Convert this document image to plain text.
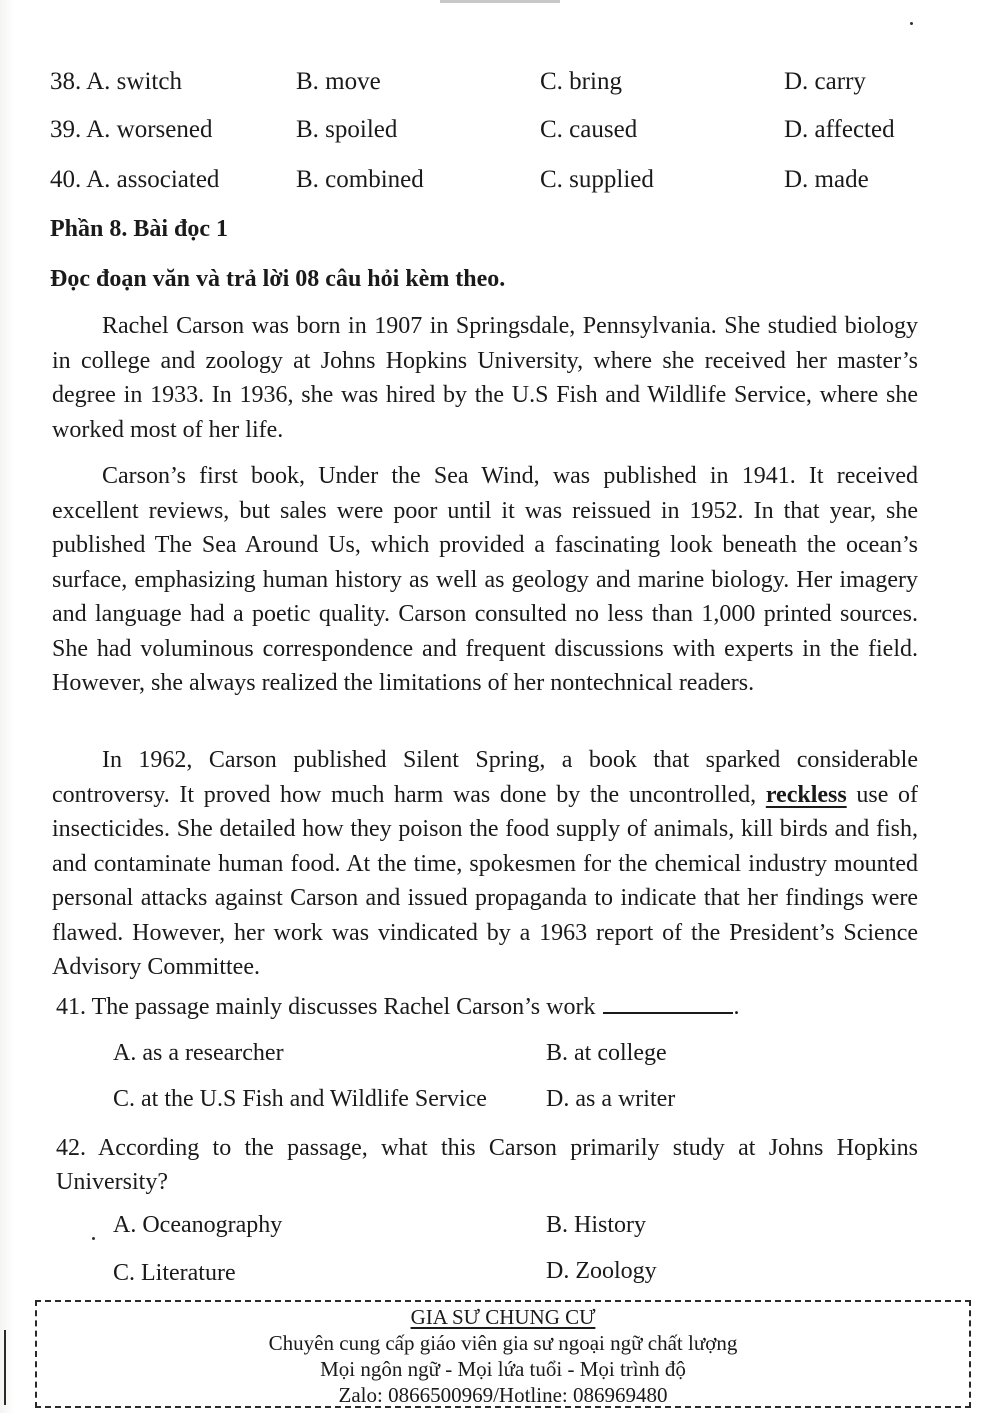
38. A. switch	B. move	C. bring	D. carry
39. A. worsened	B. spoiled	C. caused	D. affected
40. A. associated	B. combined	C. supplied	D. made
Phần 8. Bài đọc 1
Đọc đoạn văn và trả lời 08 câu hỏi kèm theo.

Rachel Carson was born in 1907 in Springsdale, Pennsylvania. She studied biology in college and zoology at Johns Hopkins University, where she received her master’s degree in 1933. In 1936, she was hired by the U.S Fish and Wildlife Service, where she worked most of her life.

Carson’s first book, Under the Sea Wind, was published in 1941. It received excellent reviews, but sales were poor until it was reissued in 1952. In that year, she published The Sea Around Us, which provided a fascinating look beneath the ocean’s surface, emphasizing human history as well as geology and marine biology. Her imagery and language had a poetic quality. Carson consulted no less than 1,000 printed sources. She had voluminous correspondence and frequent discussions with experts in the field. However, she always realized the limitations of her nontechnical readers.

In 1962, Carson published Silent Spring, a book that sparked considerable controversy. It proved how much harm was done by the uncontrolled, reckless use of insecticides. She detailed how they poison the food supply of animals, kill birds and fish, and contaminate human food. At the time, spokesmen for the chemical industry mounted personal attacks against Carson and issued propaganda to indicate that her findings were flawed. However, her work was vindicated by a 1963 report of the President’s Science Advisory Committee.

41. The passage mainly discusses Rachel Carson’s work	.

A. as a researcher	B. at college
C. at the U.S Fish and Wildlife Service D. as a writer

42. According to the passage, what this Carson primarily study at Johns Hopkins University?

A. Oceanography	B. History
C. Literature	D. Zoology
GIA SƯ CHUNG CƯ
Chuyên cung cấp giáo viên gia sư ngoại ngữ chất lượng
Mọi ngôn ngữ - Mọi lứa tuổi - Mọi trình độ
Zalo: 0866500969/Hotline: 086969480
